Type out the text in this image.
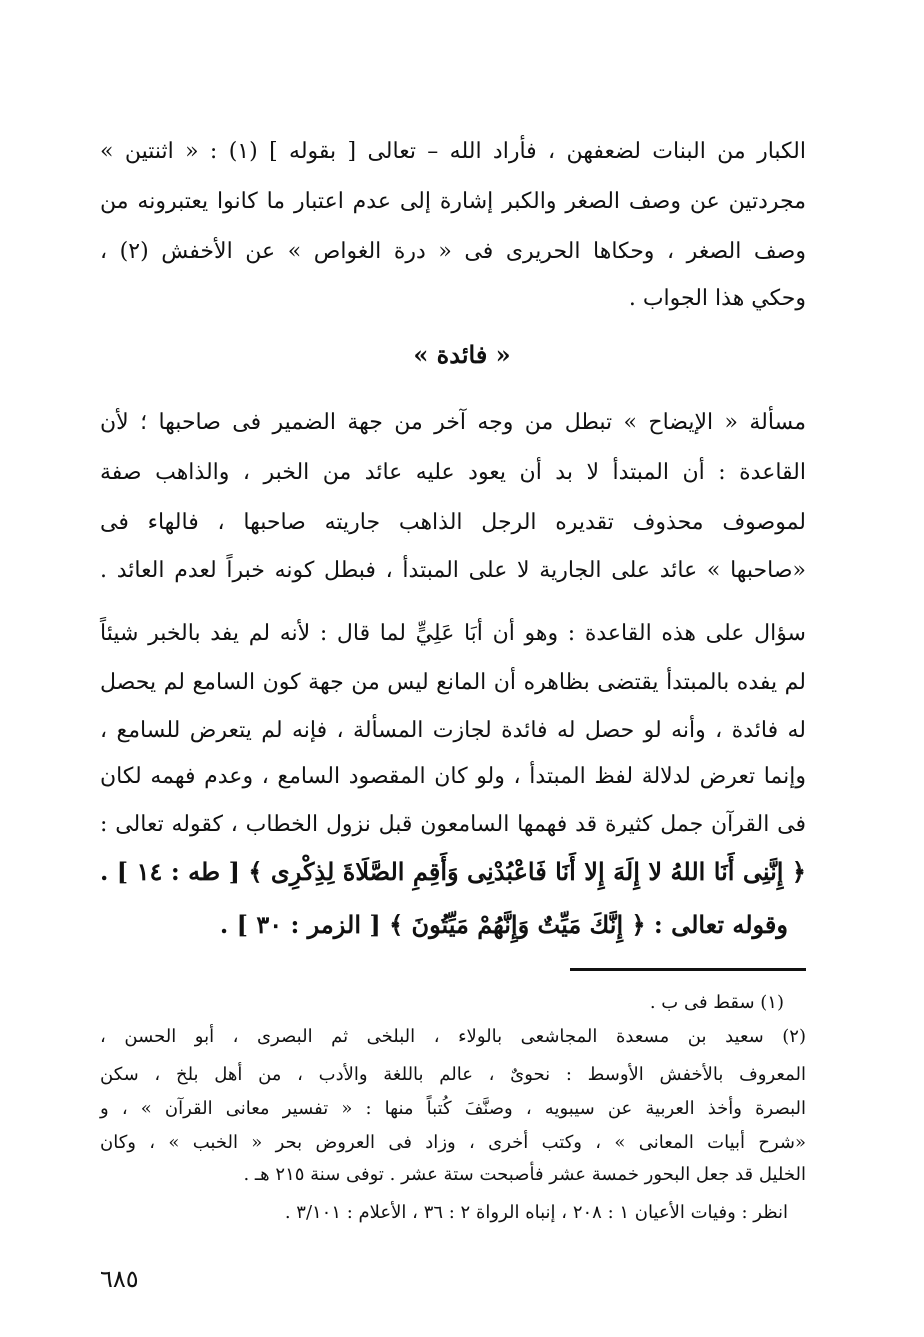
الكبار من البنات لضعفهن ، فأراد الله – تعالى [ بقوله ] (١) : « اثنتين »
مجردتين عن وصف الصغر والكبر إشارة إلى عدم اعتبار ما كانوا يعتبرونه من
وصف الصغر ، وحكاها الحريرى فى « درة الغواص » عن الأخفش (٢) ،
وحكي هذا الجواب .
« فائدة »
مسألة « الإيضاح » تبطل من وجه آخر من جهة الضمير فى صاحبها ؛ لأن
القاعدة : أن المبتدأ لا بد أن يعود عليه عائد من الخبر ، والذاهب صفة
لموصوف محذوف تقديره الرجل الذاهب جاريته صاحبها ، فالهاء فى
«صاحبها » عائد على الجارية لا على المبتدأ ، فبطل كونه خبراً لعدم العائد .
سؤال على هذه القاعدة : وهو أن أبَا عَلِيٍّ لما قال : لأنه لم يفد بالخبر شيئاً
لم يفده بالمبتدأ يقتضى بظاهره أن المانع ليس من جهة كون السامع لم يحصل
له فائدة ، وأنه لو حصل له فائدة لجازت المسألة ، فإنه لم يتعرض للسامع ،
وإنما تعرض لدلالة لفظ المبتدأ ، ولو كان المقصود السامع ، وعدم فهمه لكان
فى القرآن جمل كثيرة قد فهمها السامعون قبل نزول الخطاب ، كقوله تعالى :
﴿ إِنَّنِى أَنَا اللهُ لا إِلَهَ إِلا أَنَا فَاعْبُدْنِى وَأَقِمِ الصَّلَاةَ لِذِكْرِى ﴾ [ طه : ١٤ ] .
وقوله تعالى : ﴿ إِنَّكَ مَيِّتٌ وَإِنَّهُمْ مَيِّتُونَ ﴾ [ الزمر : ٣٠ ] .
(١) سقط فى ب .
(٢) سعيد بن مسعدة المجاشعى بالولاء ، البلخى ثم البصرى ، أبو الحسن ،
المعروف بالأخفش الأوسط : نحوىٌ ، عالم باللغة والأدب ، من أهل بلخ ، سكن
البصرة وأخذ العربية عن سيبويه ، وصنَّفَ كُتباً منها : « تفسير معانى القرآن » ، و
«شرح أبيات المعانى » ، وكتب أخرى ، وزاد فى العروض بحر « الخبب » ، وكان
الخليل قد جعل البحور خمسة عشر فأصبحت ستة عشر . توفى سنة ٢١٥ هـ .
انظر : وفيات الأعيان ١ : ٢٠٨ ، إنباه الرواة ٢ : ٣٦ ، الأعلام : ٣/١٠١ .
٦٨٥
